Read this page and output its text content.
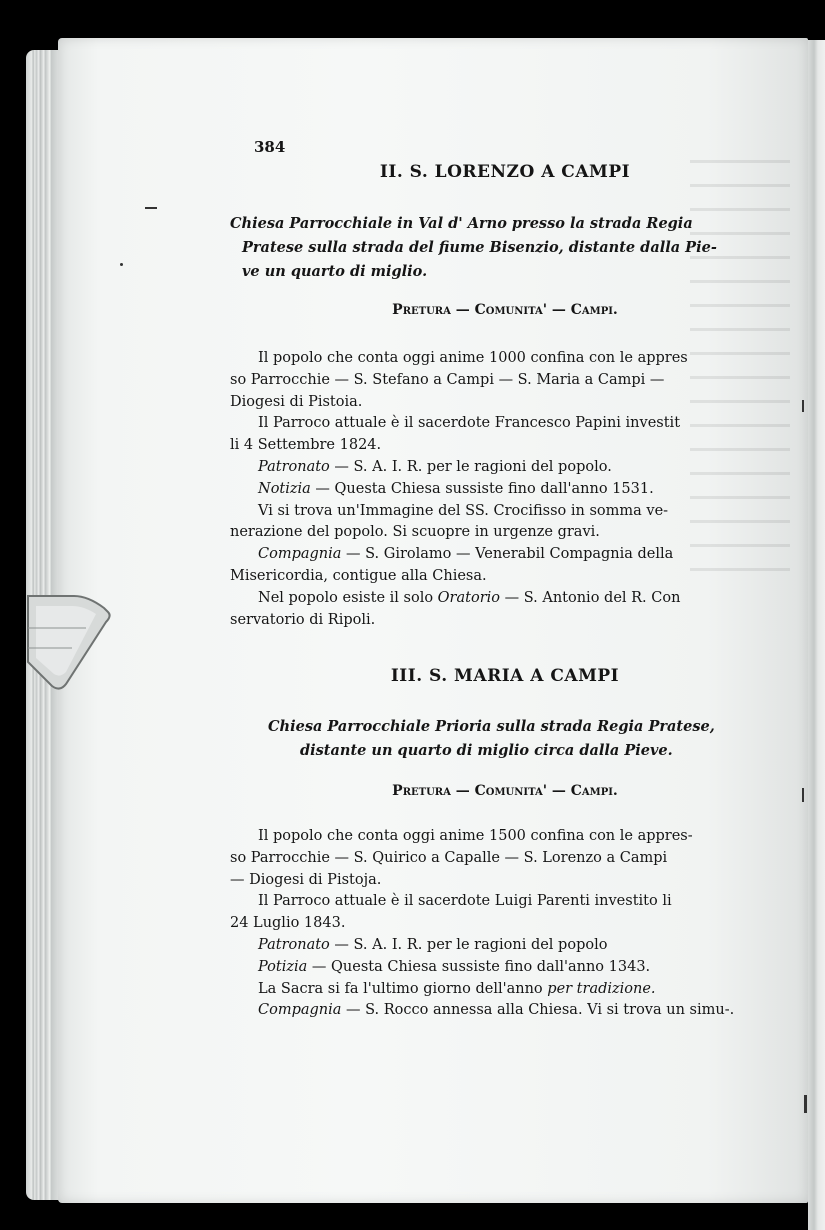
384

II. S. LORENZO A CAMPI

Chiesa Parrocchiale in Val d' Arno presso la strada Regia

Pratese sulla strada del fiume Bisenzio, distante dalla Pie-

ve un quarto di miglio.

Pretura — Comunita' — Campi.

Il popolo che conta oggi anime 1000 confina con le appres

so Parrocchie — S. Stefano a Campi — S. Maria a Campi —

Diogesi di Pistoia.

Il Parroco attuale è il sacerdote Francesco Papini investit

li 4 Settembre 1824.

Patronato — S. A. I. R. per le ragioni del popolo.

Notizia — Questa Chiesa sussiste fino dall'anno 1531.

Vi si trova un'Immagine del SS. Crocifisso in somma ve-

nerazione del popolo. Si scuopre in urgenze gravi.

Compagnia — S. Girolamo — Venerabil Compagnia della

Misericordia, contigue alla Chiesa.

Nel popolo esiste il solo Oratorio — S. Antonio del R. Con

servatorio di Ripoli.

III. S. MARIA A CAMPI

Chiesa Parrocchiale Prioria sulla strada Regia Pratese,

distante un quarto di miglio circa dalla Pieve.

Pretura — Comunita' — Campi.

Il popolo che conta oggi anime 1500 confina con le appres-

so Parrocchie — S. Quirico a Capalle — S. Lorenzo a Campi

— Diogesi di Pistoja.

Il Parroco attuale è il sacerdote Luigi Parenti investito li

24 Luglio 1843.

Patronato — S. A. I. R. per le ragioni del popolo

Potizia — Questa Chiesa sussiste fino dall'anno 1343.

La Sacra si fa l'ultimo giorno dell'anno per tradizione.

Compagnia — S. Rocco annessa alla Chiesa. Vi si trova un simu-.
